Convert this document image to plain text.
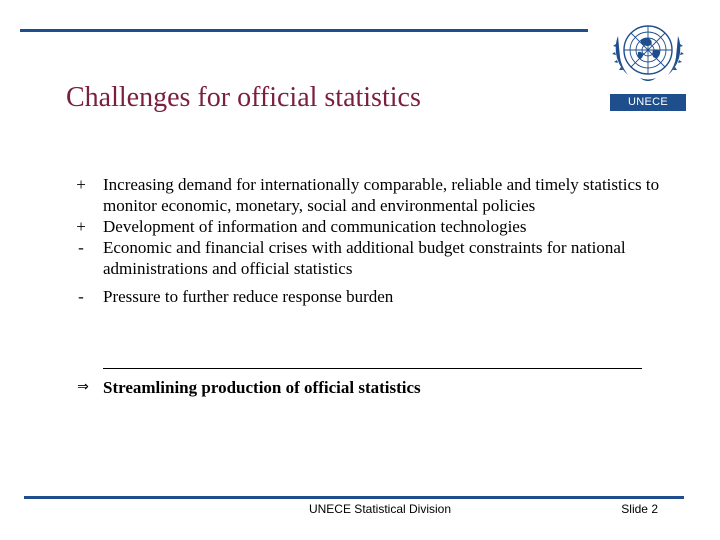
Challenges for official statistics	UNECE
+ Increasing demand for internationally comparable, reliable and timely statistics to monitor economic, monetary, social and environmental policies
+ Development of information and communication technologies
-	Economic and financial crises with additional budget constraints for national administrations and official statistics
-	Pressure to further reduce response burden
⇒ Streamlining production of official statistics
UNECE Statistical Division	Slide 2
